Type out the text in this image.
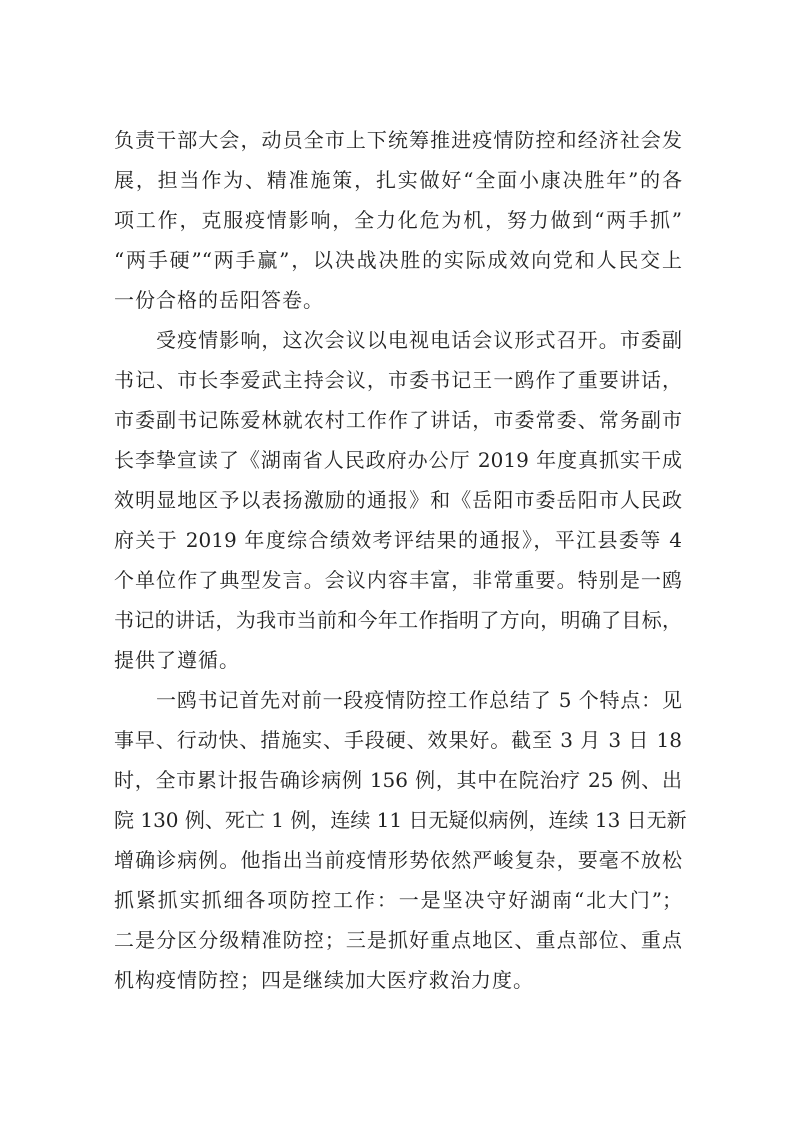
负责干部大会，动员全市上下统筹推进疫情防控和经济社会发
展，担当作为、精准施策，扎实做好“全面小康决胜年”的各
项工作，克服疫情影响，全力化危为机，努力做到“两手抓”
“两手硬”“两手赢”，以决战决胜的实际成效向党和人民交上
一份合格的岳阳答卷。
受疫情影响，这次会议以电视电话会议形式召开。市委副
书记、市长李爱武主持会议，市委书记王一鸥作了重要讲话，
市委副书记陈爱林就农村工作作了讲话，市委常委、常务副市
长李挚宣读了《湖南省人民政府办公厅 2019 年度真抓实干成
效明显地区予以表扬激励的通报》和《岳阳市委岳阳市人民政
府关于 2019 年度综合绩效考评结果的通报》，平江县委等 4
个单位作了典型发言。会议内容丰富，非常重要。特别是一鸥
书记的讲话，为我市当前和今年工作指明了方向，明确了目标，
提供了遵循。
一鸥书记首先对前一段疫情防控工作总结了 5 个特点：见
事早、行动快、措施实、手段硬、效果好。截至 3 月 3 日 18
时，全市累计报告确诊病例 156 例，其中在院治疗 25 例、出
院 130 例、死亡 1 例，连续 11 日无疑似病例，连续 13 日无新
增确诊病例。他指出当前疫情形势依然严峻复杂，要毫不放松
抓紧抓实抓细各项防控工作：一是坚决守好湖南“北大门”；
二是分区分级精准防控；三是抓好重点地区、重点部位、重点
机构疫情防控；四是继续加大医疗救治力度。
